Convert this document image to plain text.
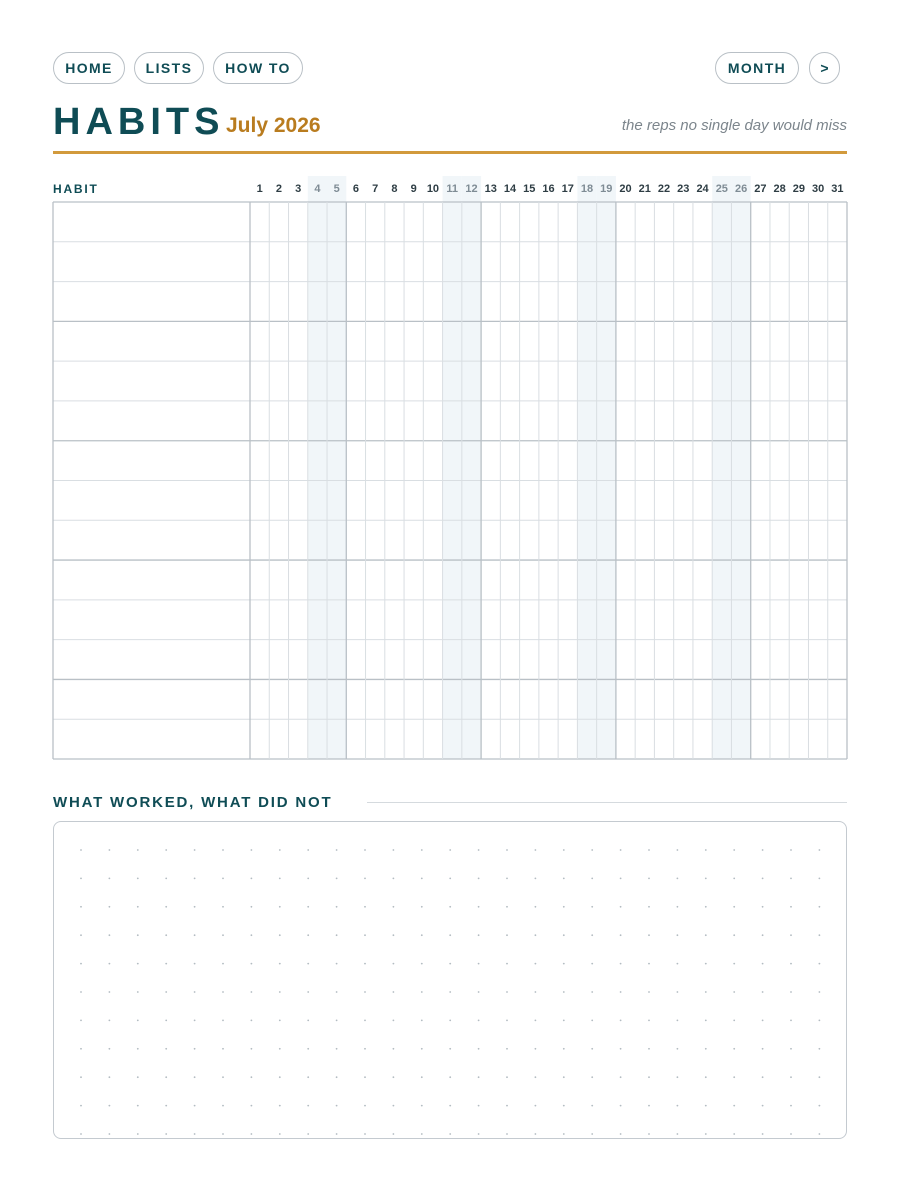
HOME	LISTS	HOW TO	MONTH	>
HABITS July 2026	the reps no single day would miss
HABIT	1 2 3 4 5 6 7 8 9 10 11 12 13 14 15 16 17 18 19 20 21 22 23 24 25 26 27 28 29 30 31
WHAT WORKED, WHAT DID NOT
